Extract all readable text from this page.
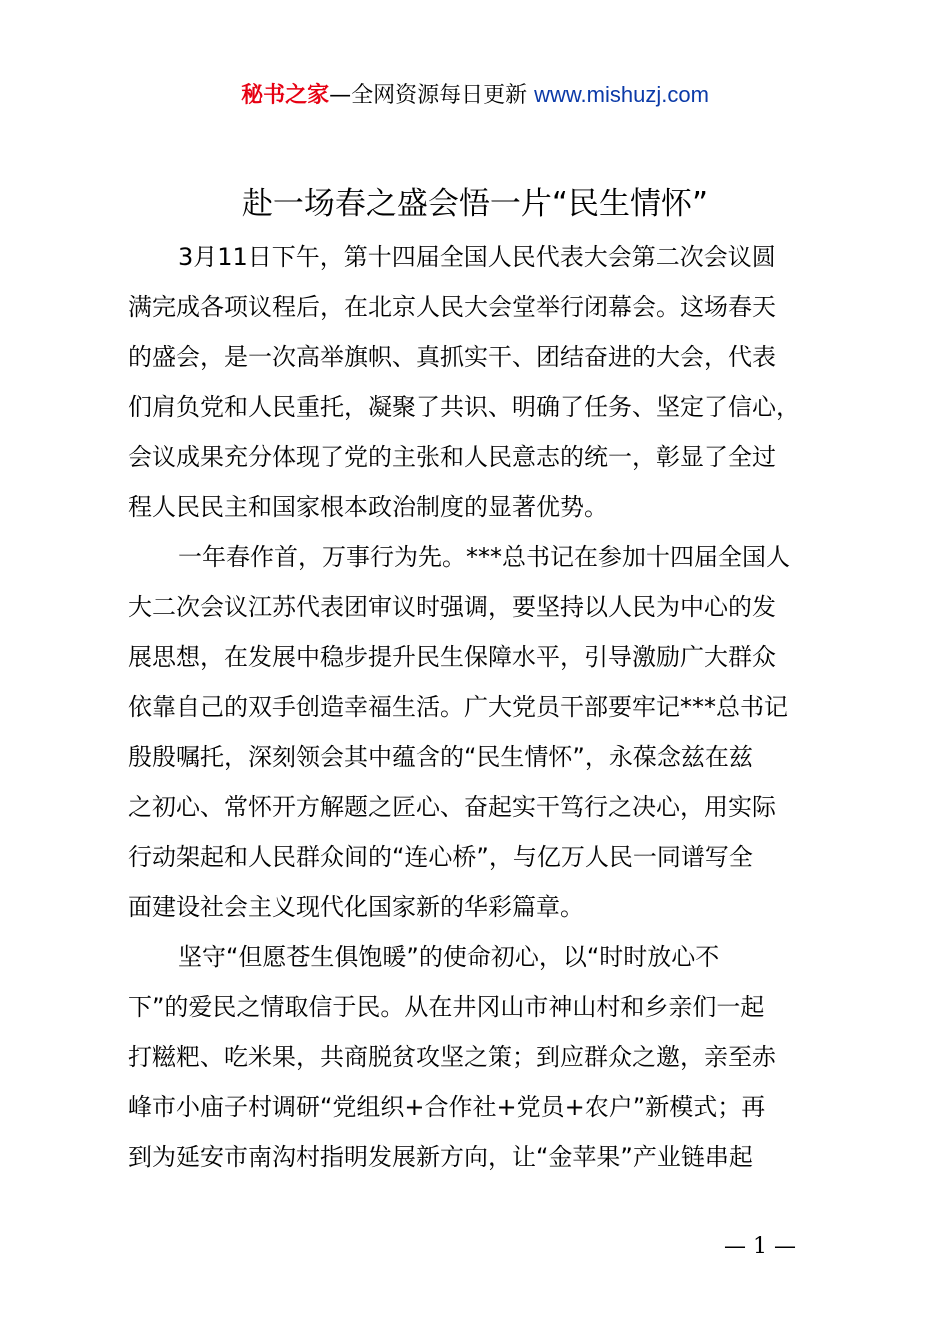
秘书之家—全网资源每日更新 www.mishuzj.com
赴一场春之盛会悟一片“民生情怀”

3月11日下午，第十四届全国人民代表大会第二次会议圆
满完成各项议程后，在北京人民大会堂举行闭幕会。这场春天
的盛会，是一次高举旗帜、真抓实干、团结奋进的大会，代表
们肩负党和人民重托，凝聚了共识、明确了任务、坚定了信心，
会议成果充分体现了党的主张和人民意志的统一，彰显了全过
程人民民主和国家根本政治制度的显著优势。

一年春作首，万事行为先。***总书记在参加十四届全国人
大二次会议江苏代表团审议时强调，要坚持以人民为中心的发
展思想，在发展中稳步提升民生保障水平，引导激励广大群众
依靠自己的双手创造幸福生活。广大党员干部要牢记***总书记
殷殷嘱托，深刻领会其中蕴含的“民生情怀”，永葆念兹在兹
之初心、常怀开方解题之匠心、奋起实干笃行之决心，用实际
行动架起和人民群众间的“连心桥”，与亿万人民一同谱写全
面建设社会主义现代化国家新的华彩篇章。

坚守“但愿苍生俱饱暖”的使命初心，以“时时放心不
下”的爱民之情取信于民。从在井冈山市神山村和乡亲们一起
打糍粑、吃米果，共商脱贫攻坚之策；到应群众之邀，亲至赤
峰市小庙子村调研“党组织+合作社+党员+农户”新模式；再
到为延安市南沟村指明发展新方向，让“金苹果”产业链串起

— 1 —
